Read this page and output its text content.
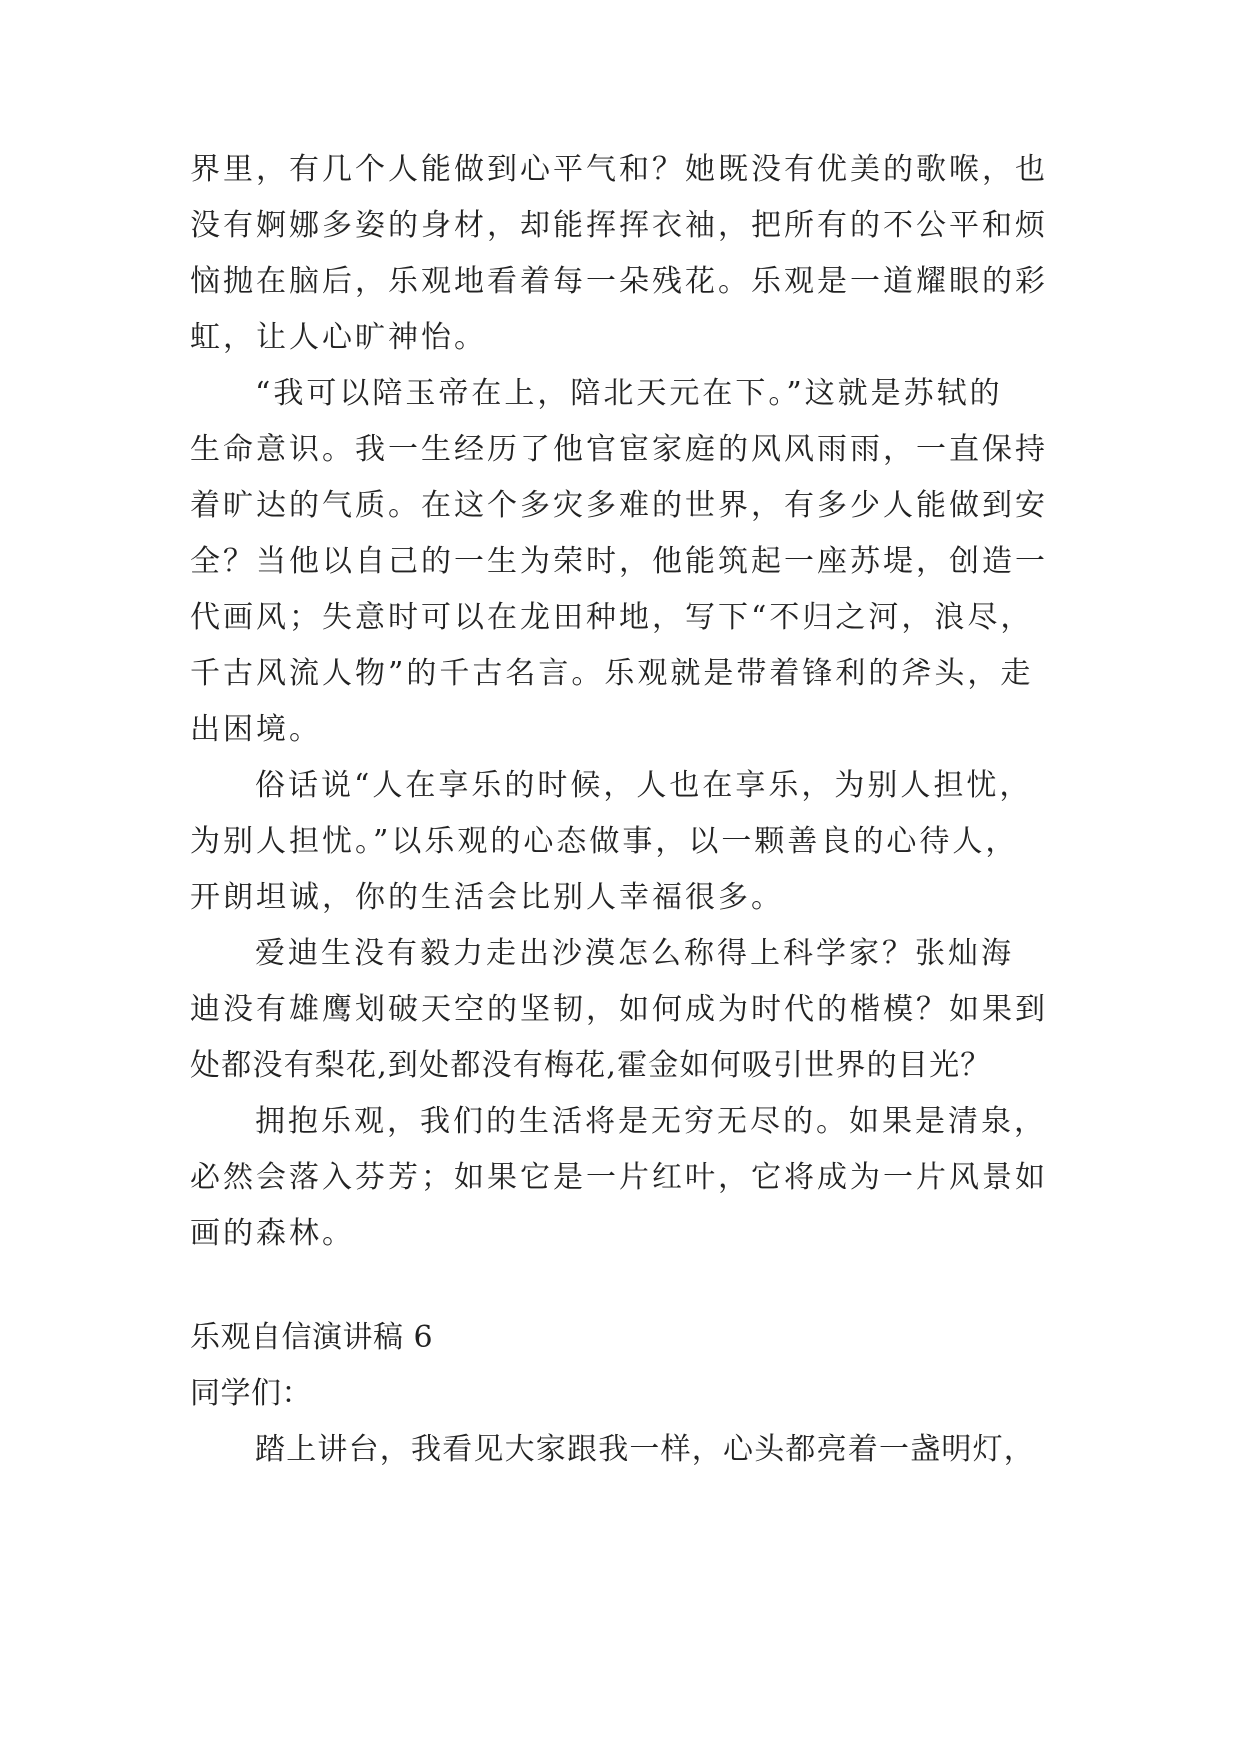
界里，有几个人能做到心平气和？她既没有优美的歌喉，也
没有婀娜多姿的身材，却能挥挥衣袖，把所有的不公平和烦
恼抛在脑后，乐观地看着每一朵残花。乐观是一道耀眼的彩
虹，让人心旷神怡。
“我可以陪玉帝在上，陪北天元在下。”这就是苏轼的
生命意识。我一生经历了他官宦家庭的风风雨雨，一直保持
着旷达的气质。在这个多灾多难的世界，有多少人能做到安
全？当他以自己的一生为荣时，他能筑起一座苏堤，创造一
代画风；失意时可以在龙田种地，写下“不归之河，浪尽，
千古风流人物”的千古名言。乐观就是带着锋利的斧头，走
出困境。
俗话说“人在享乐的时候，人也在享乐，为别人担忧，
为别人担忧。”以乐观的心态做事，以一颗善良的心待人，
开朗坦诚，你的生活会比别人幸福很多。
爱迪生没有毅力走出沙漠怎么称得上科学家？张灿海
迪没有雄鹰划破天空的坚韧，如何成为时代的楷模？如果到
处都没有梨花,到处都没有梅花,霍金如何吸引世界的目光？
拥抱乐观，我们的生活将是无穷无尽的。如果是清泉，
必然会落入芬芳；如果它是一片红叶，它将成为一片风景如
画的森林。
乐观自信演讲稿 6
同学们：
踏上讲台，我看见大家跟我一样，心头都亮着一盏明灯，
